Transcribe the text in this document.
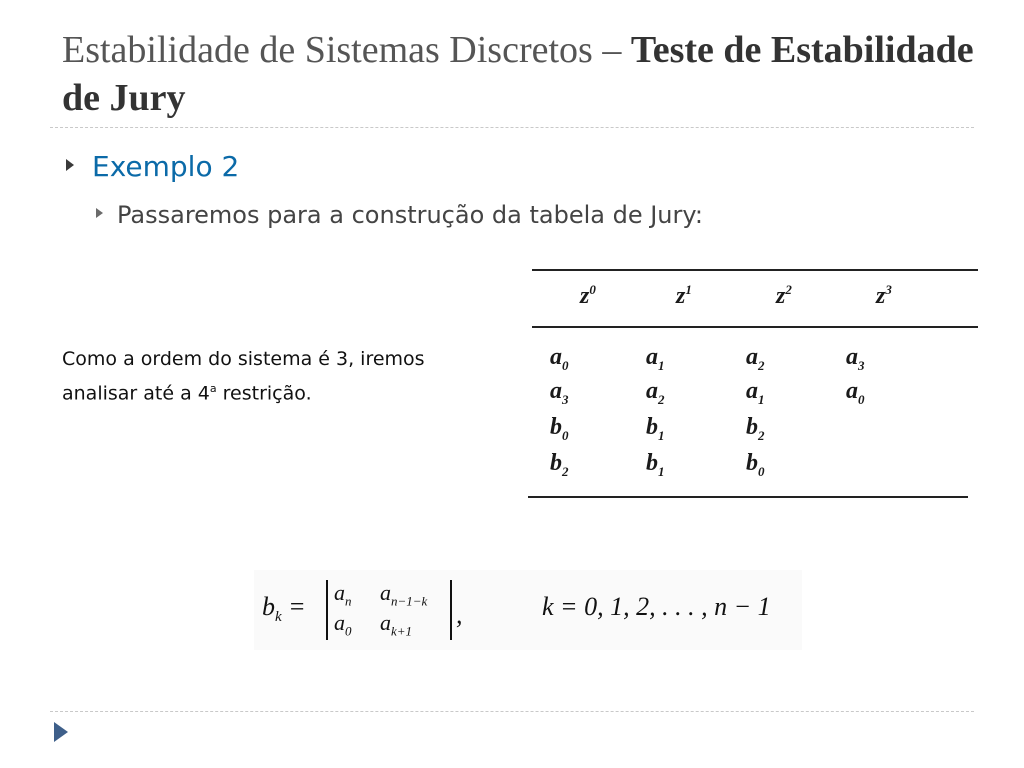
Estabilidade de Sistemas Discretos – Teste de Estabilidade de Jury
Exemplo 2
Passaremos para a construção da tabela de Jury:
Como a ordem do sistema é 3, iremos
analisar até a 4$^a$ restrição.
$z^0$	$z^1$	$z^2$	$z^3$
$a_0$	$a_1$	$a_2$	$a_3$
$a_3$	$a_2$	$a_1$	$a_0$
$b_0$	$b_1$	$b_2$
$b_2$	$b_1$	$b_0$
$b_k = a_n$ $a_{n-1-k}$
$a_0$ $a_{k+1}$
,	k = 0, 1, 2, . . . , n − 1
